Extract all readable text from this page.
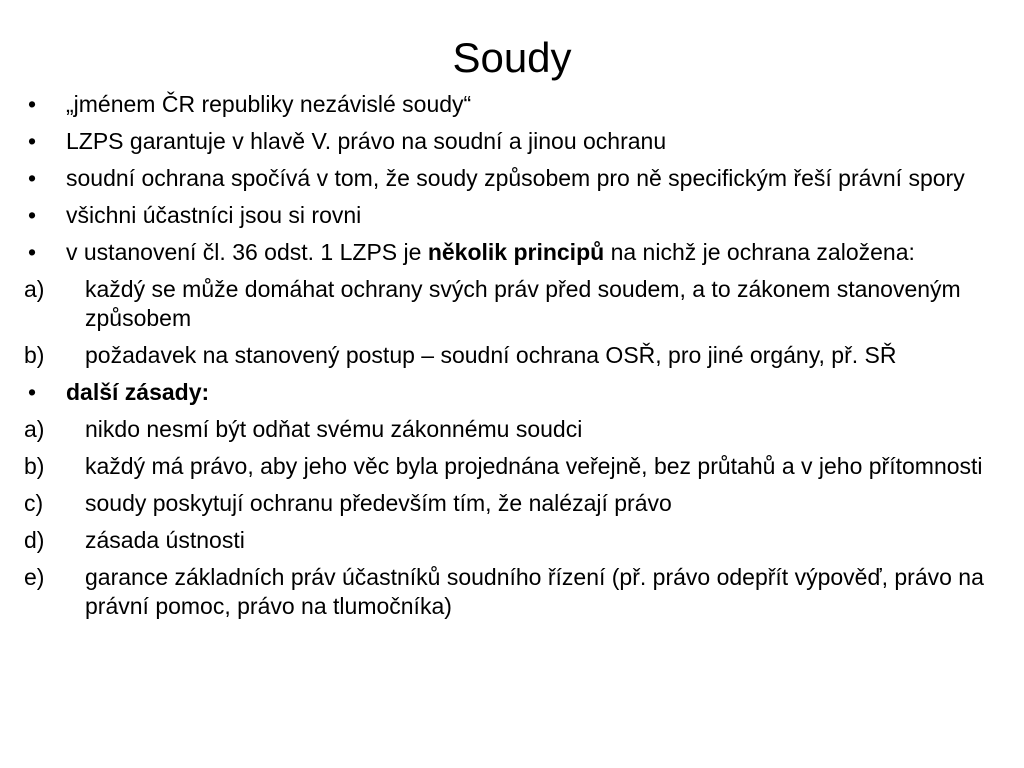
Soudy
• „jménem ČR republiky nezávislé soudy“
• LZPS garantuje v hlavě V. právo na soudní a jinou ochranu
• soudní ochrana spočívá v tom, že soudy způsobem pro ně specifickým řeší právní spory
• všichni účastníci jsou si rovni
• v ustanovení čl. 36 odst. 1 LZPS je několik principů na nichž je ochrana založena:
a) každý se může domáhat ochrany svých práv před soudem, a to zákonem stanoveným způsobem
b) požadavek na stanovený postup – soudní ochrana OSŘ, pro jiné orgány, př. SŘ
• další zásady:
a) nikdo nesmí být odňat svému zákonnému soudci
b) každý má právo, aby jeho věc byla projednána veřejně, bez průtahů a v jeho přítomnosti
c) soudy poskytují ochranu především tím, že nalézají právo
d) zásada ústnosti
e) garance základních práv účastníků soudního řízení (př. právo odepřít výpověď, právo na právní pomoc, právo na tlumočníka)
